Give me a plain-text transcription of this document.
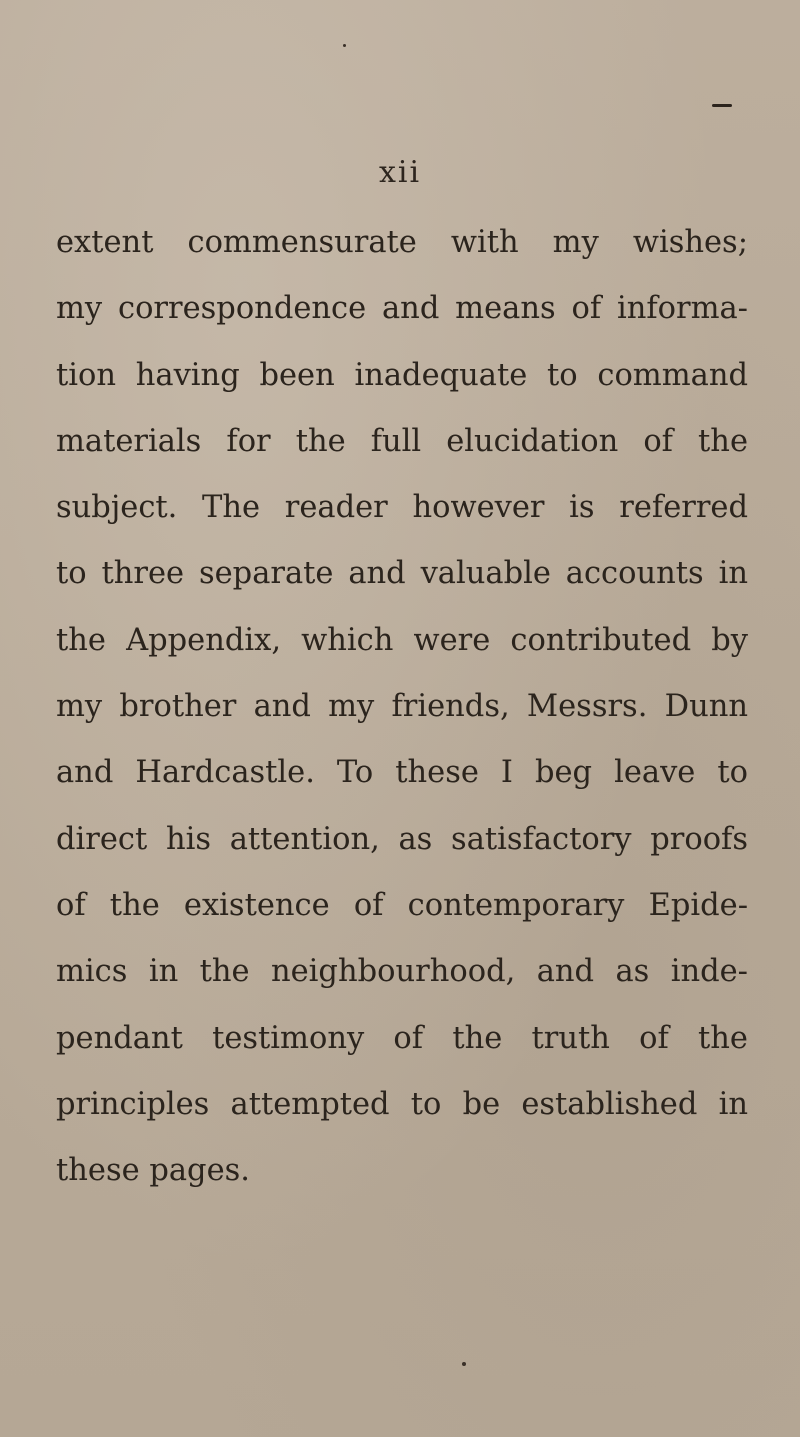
xii
extent commensurate with my wishes;
my correspondence and means of informa-
tion having been inadequate to command
materials for the full elucidation of the
subject. The reader however is referred
to three separate and valuable accounts in
the Appendix, which were contributed by
my brother and my friends, Messrs. Dunn
and Hardcastle. To these I beg leave to
direct his attention, as satisfactory proofs
of the existence of contemporary Epide-
mics in the neighbourhood, and as inde-
pendant testimony of the truth of the
principles attempted to be established in
these pages.
